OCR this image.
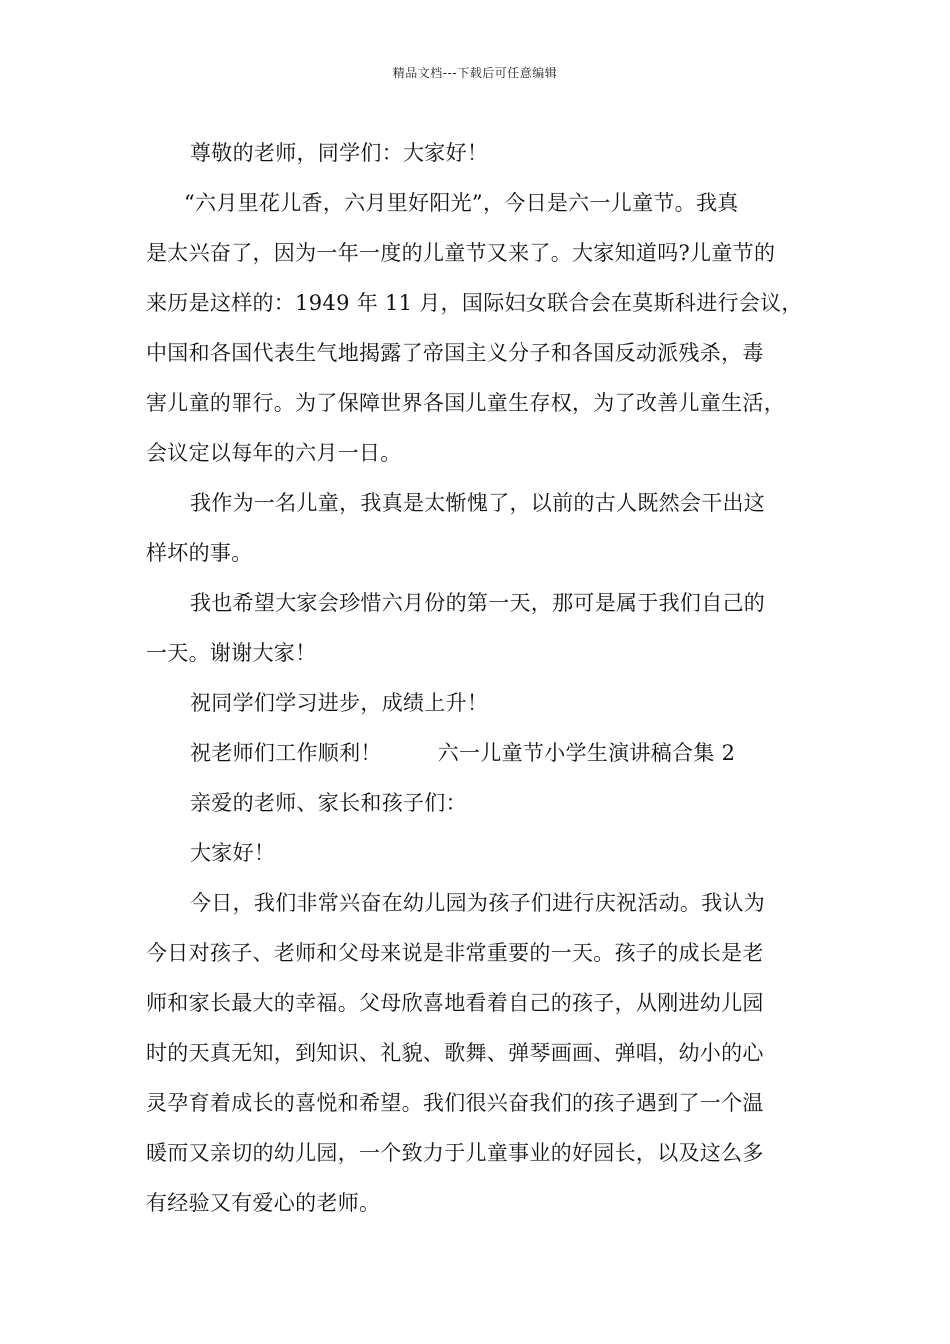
精品文档---下载后可任意编辑
尊敬的老师，同学们：大家好！
“六月里花儿香，六月里好阳光”，今日是六一儿童节。我真
是太兴奋了，因为一年一度的儿童节又来了。大家知道吗?儿童节的
来历是这样的：1949 年 11 月，国际妇女联合会在莫斯科进行会议，
中国和各国代表生气地揭露了帝国主义分子和各国反动派残杀，毒
害儿童的罪行。为了保障世界各国儿童生存权，为了改善儿童生活，
会议定以每年的六月一日。
我作为一名儿童，我真是太惭愧了，以前的古人既然会干出这
样坏的事。
我也希望大家会珍惜六月份的第一天，那可是属于我们自己的
一天。谢谢大家！
祝同学们学习进步，成绩上升！
祝老师们工作顺利！	六一儿童节小学生演讲稿合集 2
亲爱的老师、家长和孩子们：
大家好！
今日，我们非常兴奋在幼儿园为孩子们进行庆祝活动。我认为
今日对孩子、老师和父母来说是非常重要的一天。孩子的成长是老
师和家长最大的幸福。父母欣喜地看着自己的孩子，从刚进幼儿园
时的天真无知，到知识、礼貌、歌舞、弹琴画画、弹唱，幼小的心
灵孕育着成长的喜悦和希望。我们很兴奋我们的孩子遇到了一个温
暖而又亲切的幼儿园，一个致力于儿童事业的好园长，以及这么多
有经验又有爱心的老师。
